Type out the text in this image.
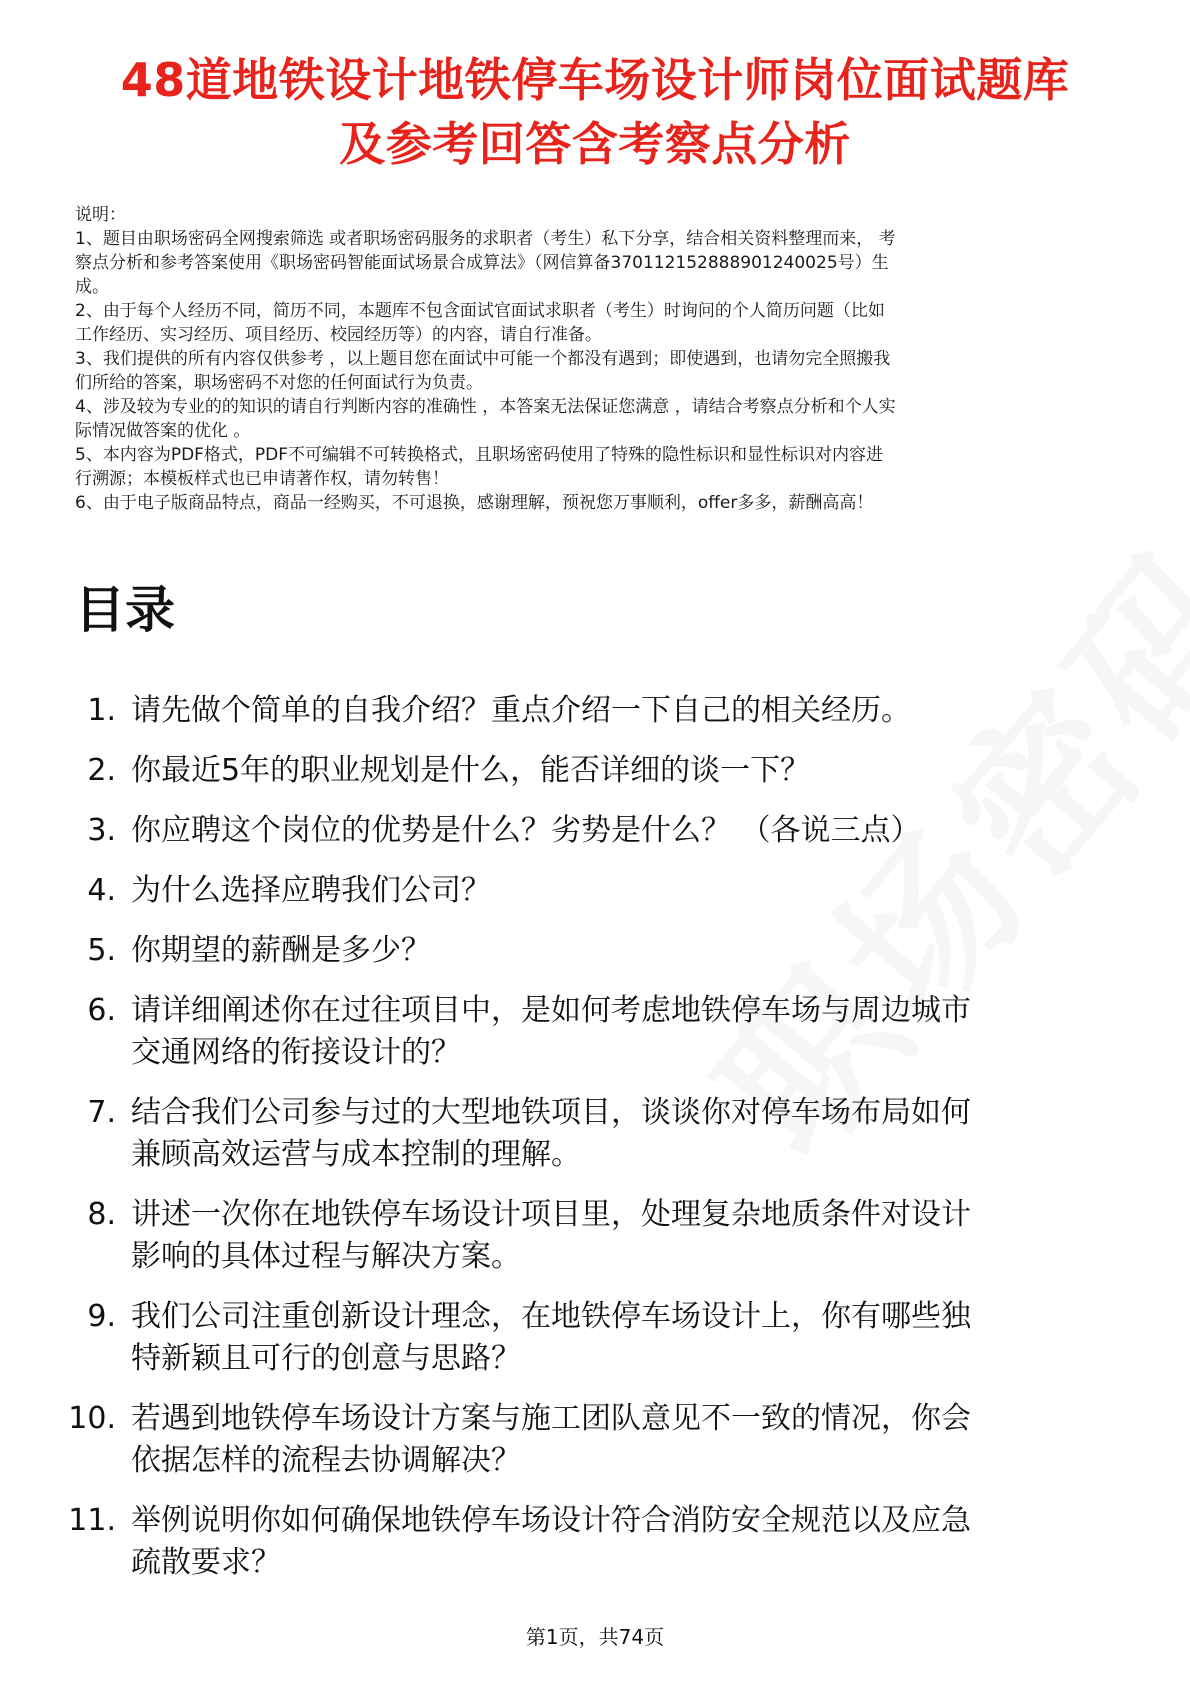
48道地铁设计地铁停车场设计师岗位面试题库
及参考回答含考察点分析
说明：
1、题目由职场密码全网搜索筛选 或者职场密码服务的求职者（考生）私下分享，结合相关资料整理而来， 考
察点分析和参考答案使用《职场密码智能面试场景合成算法》（网信算备370112152888901240025号）生
成。
2、由于每个人经历不同，简历不同，本题库不包含面试官面试求职者（考生）时询问的个人简历问题（比如
工作经历、实习经历、项目经历、校园经历等）的内容，请自行准备。
3、我们提供的所有内容仅供参考 ，以上题目您在面试中可能一个都没有遇到；即使遇到，也请勿完全照搬我
们所给的答案，职场密码不对您的任何面试行为负责。
4、涉及较为专业的的知识的请自行判断内容的准确性 ，本答案无法保证您满意 ，请结合考察点分析和个人实
际情况做答案的优化 。
5、本内容为PDF格式，PDF不可编辑不可转换格式，且职场密码使用了特殊的隐性标识和显性标识对内容进
行溯源；本模板样式也已申请著作权，请勿转售！
6、由于电子版商品特点，商品一经购买，不可退换，感谢理解，预祝您万事顺利，offer多多，薪酬高高！
目录
1. 请先做个简单的自我介绍？重点介绍一下自己的相关经历。
2. 你最近5年的职业规划是什么，能否详细的谈一下？
3. 你应聘这个岗位的优势是什么？劣势是什么？ （各说三点）
4. 为什么选择应聘我们公司？
5. 你期望的薪酬是多少？
6. 请详细阐述你在过往项目中，是如何考虑地铁停车场与周边城市
交通网络的衔接设计的？
7. 结合我们公司参与过的大型地铁项目，谈谈你对停车场布局如何
兼顾高效运营与成本控制的理解。
8. 讲述一次你在地铁停车场设计项目里，处理复杂地质条件对设计
影响的具体过程与解决方案。
9. 我们公司注重创新设计理念，在地铁停车场设计上，你有哪些独
特新颖且可行的创意与思路？
10. 若遇到地铁停车场设计方案与施工团队意见不一致的情况，你会
依据怎样的流程去协调解决？
11. 举例说明你如何确保地铁停车场设计符合消防安全规范以及应急
疏散要求？
第1页，共74页
